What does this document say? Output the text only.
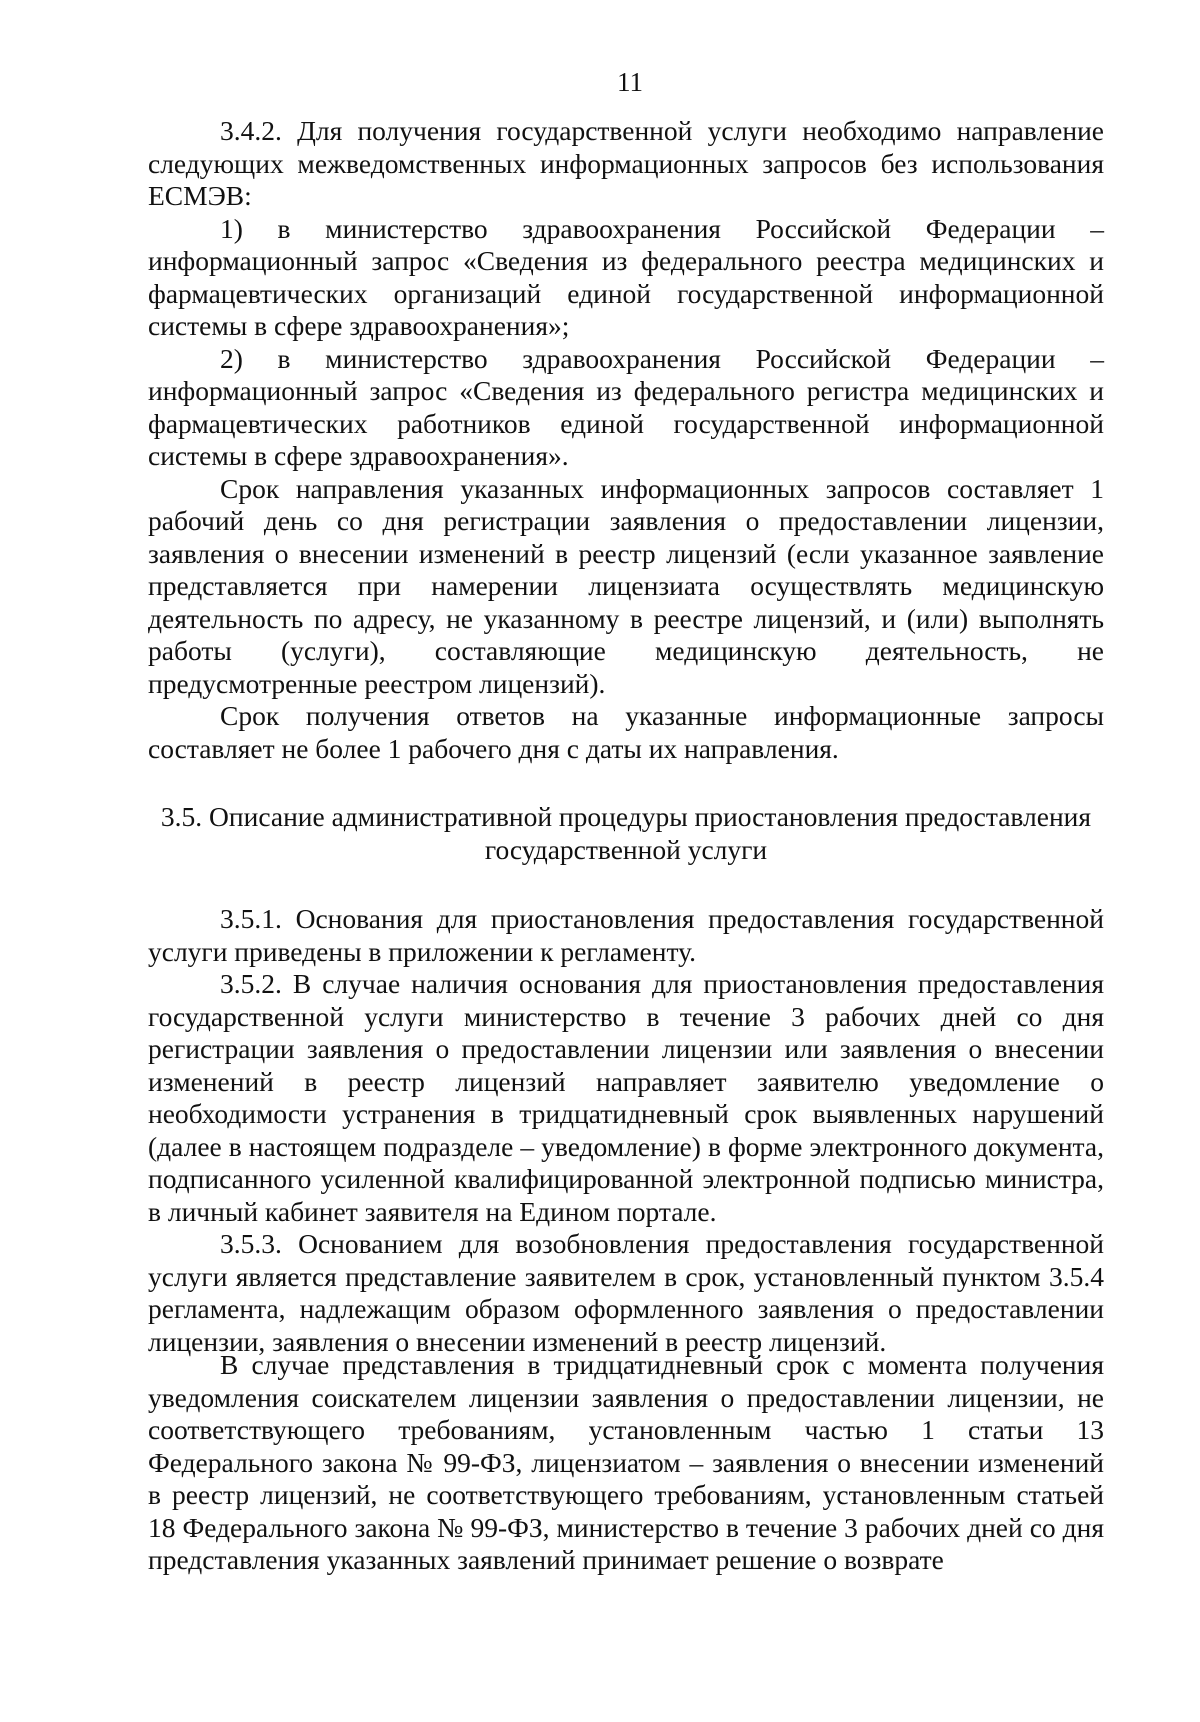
11

3.4.2. Для получения государственной услуги необходимо направление следующих межведомственных информационных запросов без использования ЕСМЭВ:

1) в министерство здравоохранения Российской Федерации – информационный запрос «Сведения из федерального реестра медицинских и фармацевтических организаций единой государственной информационной системы в сфере здравоохранения»;

2) в министерство здравоохранения Российской Федерации – информационный запрос «Сведения из федерального регистра медицинских и фармацевтических работников единой государственной информационной системы в сфере здравоохранения».

Срок направления указанных информационных запросов составляет 1 рабочий день со дня регистрации заявления о предоставлении лицензии, заявления о внесении изменений в реестр лицензий (если указанное заявление представляется при намерении лицензиата осуществлять медицинскую деятельность по адресу, не указанному в реестре лицензий, и (или) выполнять работы (услуги), составляющие медицинскую деятельность, не предусмотренные реестром лицензий).

Срок получения ответов на указанные информационные запросы составляет не более 1 рабочего дня с даты их направления.

3.5. Описание административной процедуры приостановления предоставления государственной услуги

3.5.1. Основания для приостановления предоставления государственной услуги приведены в приложении к регламенту.

3.5.2. В случае наличия основания для приостановления предоставления государственной услуги министерство в течение 3 рабочих дней со дня регистрации заявления о предоставлении лицензии или заявления о внесении изменений в реестр лицензий направляет заявителю уведомление о необходимости устранения в тридцатидневный срок выявленных нарушений (далее в настоящем подразделе – уведомление) в форме электронного документа, подписанного усиленной квалифицированной электронной подписью министра, в личный кабинет заявителя на Едином портале.

3.5.3. Основанием для возобновления предоставления государственной услуги является представление заявителем в срок, установленный пунктом 3.5.4 регламента, надлежащим образом оформленного заявления о предоставлении лицензии, заявления о внесении изменений в реестр лицензий.

В случае представления в тридцатидневный срок с момента получения уведомления соискателем лицензии заявления о предоставлении лицензии, не соответствующего требованиям, установленным частью 1 статьи 13 Федерального закона № 99-ФЗ, лицензиатом – заявления о внесении изменений в реестр лицензий, не соответствующего требованиям, установленным статьей 18 Федерального закона № 99-ФЗ, министерство в течение 3 рабочих дней со дня представления указанных заявлений принимает решение о возврате
